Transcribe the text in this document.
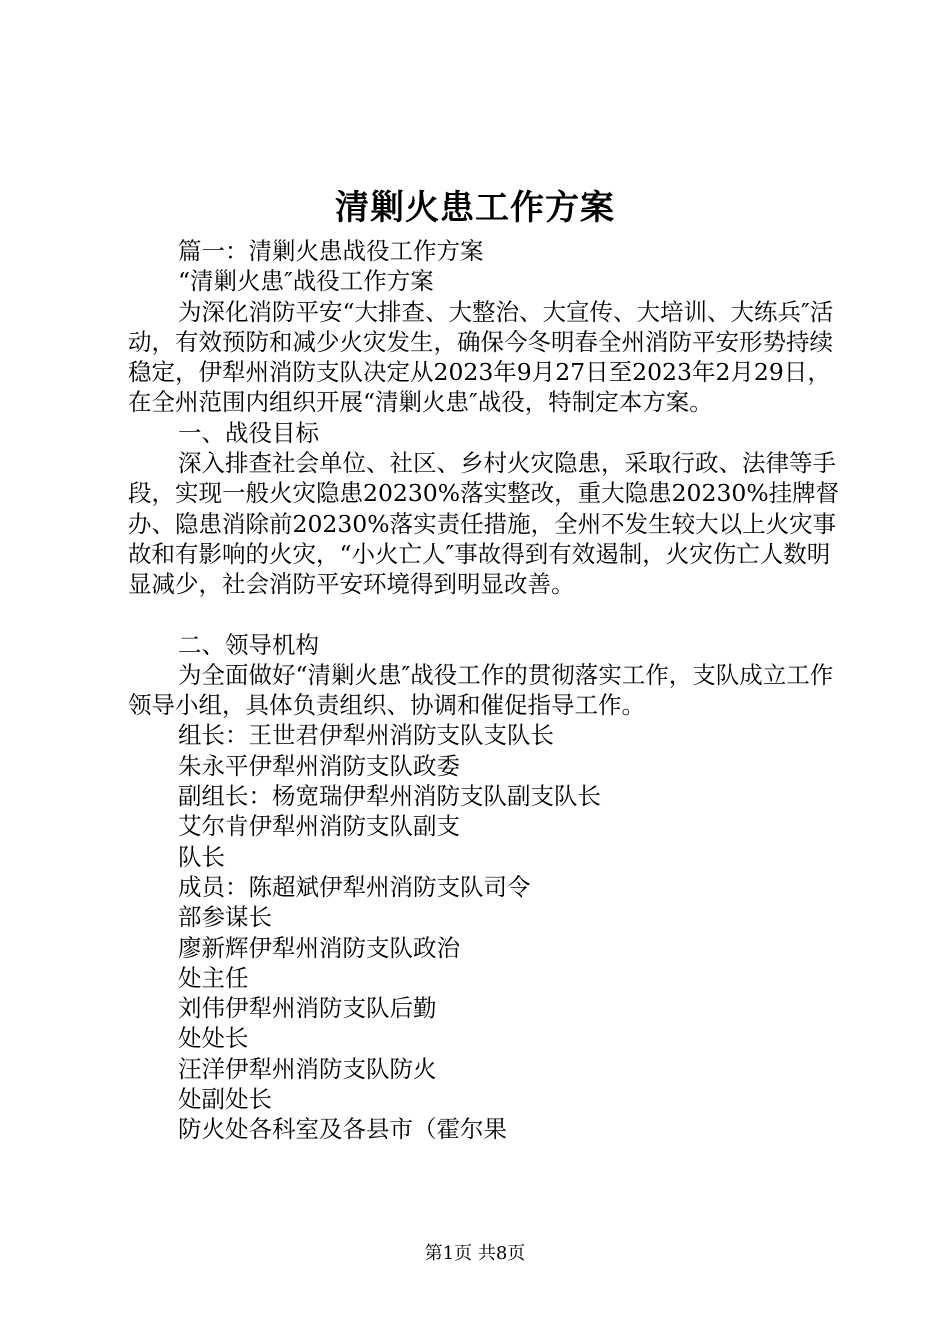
清剿火患工作方案

篇一：清剿火患战役工作方案

“清剿火患″战役工作方案

为深化消防平安“大排查、大整治、大宣传、大培训、大练兵″活动，有效预防和减少火灾发生，确保今冬明春全州消防平安形势持续稳定，伊犁州消防支队决定从2023年9月27日至2023年2月29日，在全州范围内组织开展“清剿火患″战役，特制定本方案。

一、战役目标

深入排查社会单位、社区、乡村火灾隐患，采取行政、法律等手段，实现一般火灾隐患20230%落实整改，重大隐患20230%挂牌督办、隐患消除前20230%落实责任措施，全州不发生较大以上火灾事故和有影响的火灾，“小火亡人″事故得到有效遏制，火灾伤亡人数明显减少，社会消防平安环境得到明显改善。

二、领导机构

为全面做好“清剿火患″战役工作的贯彻落实工作，支队成立工作领导小组，具体负责组织、协调和催促指导工作。

组长：王世君伊犁州消防支队支队长

朱永平伊犁州消防支队政委

副组长：杨宽瑞伊犁州消防支队副支队长

艾尔肯伊犁州消防支队副支

队长

成员：陈超斌伊犁州消防支队司令

部参谋长

廖新辉伊犁州消防支队政治

处主任

刘伟伊犁州消防支队后勤

处处长

汪洋伊犁州消防支队防火

处副处长

防火处各科室及各县市（霍尔果

第1页 共8页
